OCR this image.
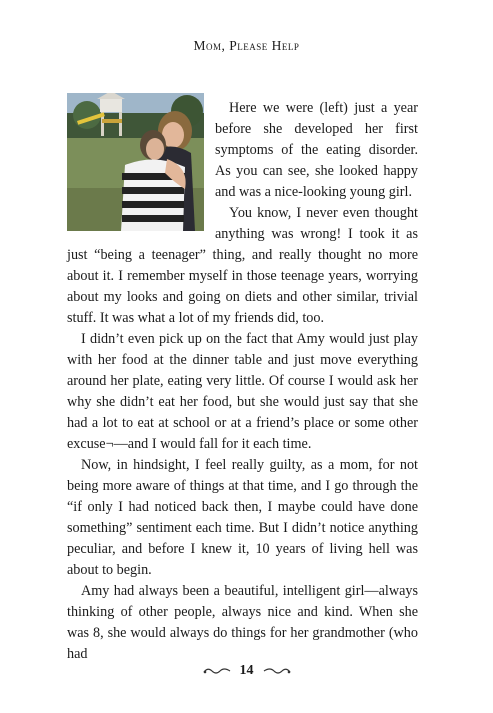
Mom, Please Help

Here we were (left) just a year before she developed her first symptoms of the eating disorder. As you can see, she looked happy and was a nice-looking young girl.

You know, I never even thought anything was wrong! I took it as just “being a teenager” thing, and really thought no more about it. I remember myself in those teenage years, worrying about my looks and going on diets and other similar, trivial stuff. It was what a lot of my friends did, too.

I didn’t even pick up on the fact that Amy would just play with her food at the dinner table and just move everything around her plate, eating very little. Of course I would ask her why she didn’t eat her food, but she would just say that she had a lot to eat at school or at a friend’s place or some other excuse¬—and I would fall for it each time.

Now, in hindsight, I feel really guilty, as a mom, for not being more aware of things at that time, and I go through the “if only I had noticed back then, I maybe could have done something” sentiment each time. But I didn’t notice anything peculiar, and before I knew it, 10 years of living hell was about to begin.

Amy had always been a beautiful, intelligent girl—always thinking of other people, always nice and kind. When she was 8, she would always do things for her grandmother (who had

14
